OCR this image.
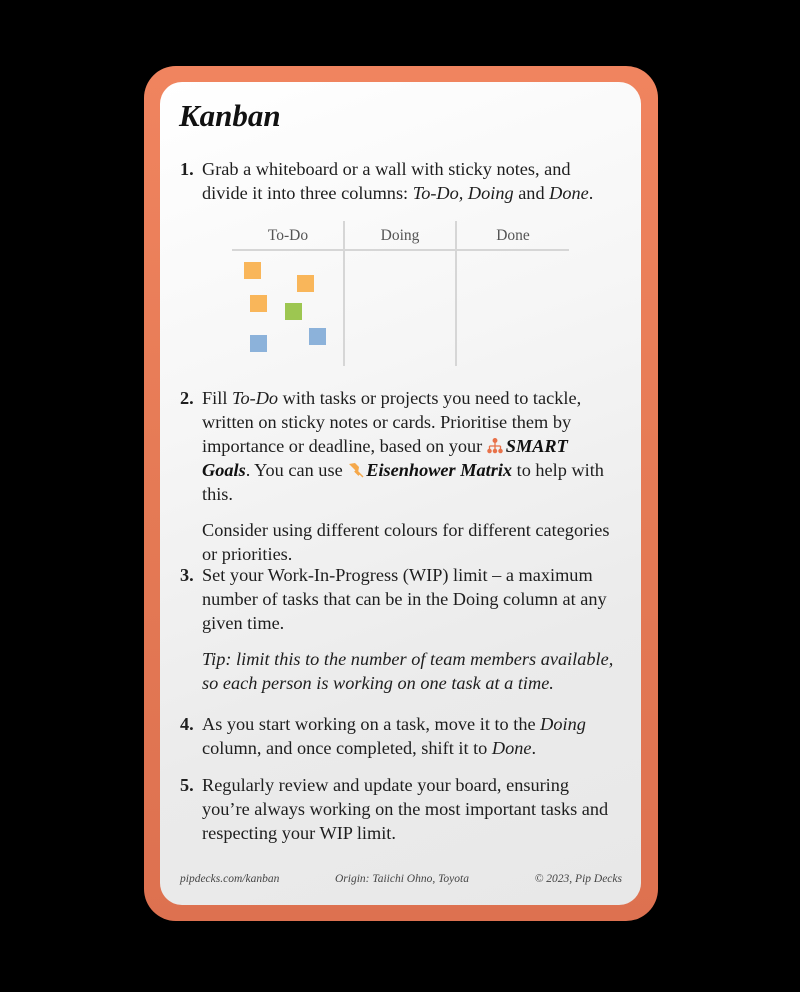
Kanban
1. Grab a whiteboard or a wall with sticky notes, and divide it into three columns: To-Do, Doing and Done.

To-Do	Doing	Done
2. Fill To-Do with tasks or projects you need to tackle, written on sticky notes or cards. Prioritise them by importance or deadline, based on your SMART Goals. You can use Eisenhower Matrix to help with this.

Consider using different colours for different categories or priorities.

3. Set your Work-In-Progress (WIP) limit – a maximum number of tasks that can be in the Doing column at any given time.

Tip: limit this to the number of team members available, so each person is working on one task at a time.

4. As you start working on a task, move it to the Doing column, and once completed, shift it to Done.

5. Regularly review and update your board, ensuring you’re always working on the most important tasks and respecting your WIP limit.

pipdecks.com/kanban	Origin: Taiichi Ohno, Toyota	© 2023, Pip Decks
